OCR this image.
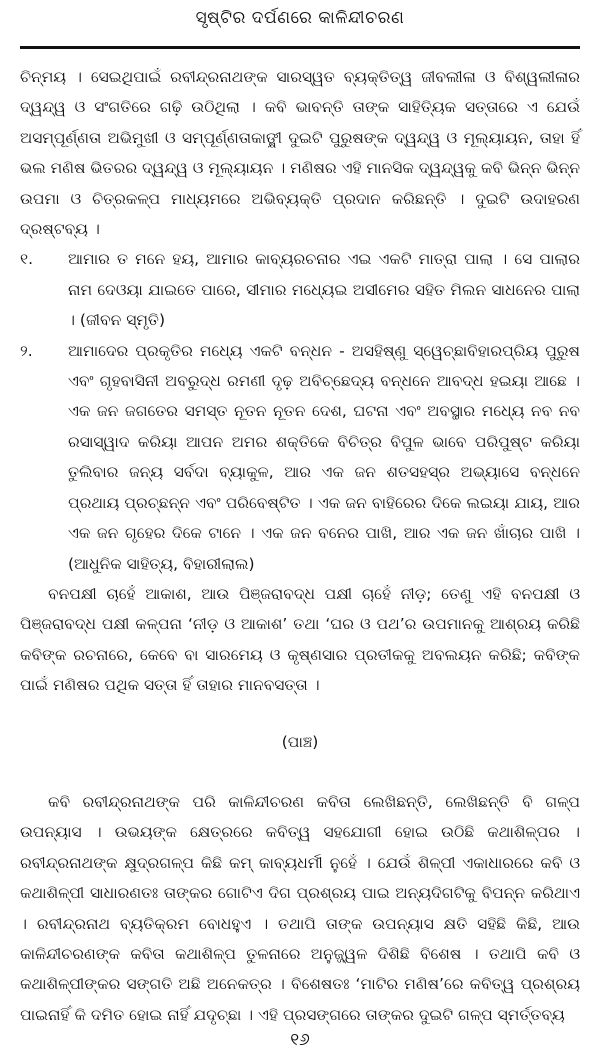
ସୃଷ୍ଟିର ଦର୍ପଣରେ କାଳିନ୍ଦୀଚରଣ

ଚିନ୍ମୟ । ସେଇଥିପାଇଁ ରବୀନ୍ଦ୍ରନାଥଙ୍କ ସାରସ୍ୱତ ବ୍ୟକ୍ତିତ୍ୱ ଜୀବଲୀଳା ଓ ବିଶ୍ୱଲୀଳାର ଦ୍ୱନ୍ଦ୍ୱ ଓ ସଂଗତିରେ ଗଢ଼ି ଉଠିଥିଲା । କବି ଭାବନ୍ତି ତାଙ୍କ ସାହିତ୍ୟିକ ସତ୍ତାରେ ଏ ଯେଉଁ ଅସମ୍ପୂର୍ଣ୍ଣତା ଅଭିମୁଖୀ ଓ ସମ୍ପୂର୍ଣ୍ଣତାକାଙ୍କ୍ଷୀ ଦୁଇଟି ପୁରୁଷଙ୍କ ଦ୍ୱନ୍ଦ୍ୱ ଓ ମୂଲ୍ୟାୟନ, ତାହା ହିଁ ଭଲ ମଣିଷ ଭିତରର ଦ୍ୱନ୍ଦ୍ୱ ଓ ମୂଲ୍ୟାୟନ । ମଣିଷର ଏହି ମାନସିକ ଦ୍ୱନ୍ଦ୍ୱକୁ କବି ଭିନ୍ନ ଭିନ୍ନ ଉପମା ଓ ଚିତ୍ରକଳ୍ପ ମାଧ୍ୟମରେ ଅଭିବ୍ୟକ୍ତି ପ୍ରଦାନ କରିଛନ୍ତି । ଦୁଇଟି ଉଦାହରଣ ଦ୍ରଷ୍ଟବ୍ୟ ।

୧.	ଆମାର ତ ମନେ ହୟ, ଆମାର କାବ୍ୟରଚନାର ଏଇ ଏକଟି ମାତ୍ରା ପାଲା । ସେ ପାଲାର ନାମ ଦେଓୟା ଯାଇତେ ପାରେ, ସୀମାର ମଧ୍ୟେଇ ଅସୀମେର ସହିତ ମିଲନ ସାଧନେର ପାଲା । (ଜୀବନ ସ୍ମୃତି)
୨.	ଆମାଦେର ପ୍ରକୃତିର ମଧ୍ୟେ ଏକଟି ବନ୍ଧନ - ଅସହିଷ୍ଣୁ ସ୍ୱେଚ୍ଛାବିହାରପ୍ରିୟ ପୁରୁଷ ଏବଂ ଗୃହବାସିନୀ ଅବରୁଦ୍ଧ ରମଣୀ ଦୃଢ଼ ଅବିଚ୍ଛେଦ୍ୟ ବନ୍ଧନେ ଆବଦ୍ଧ ହଇୟା ଆଛେ । ଏକ ଜନ ଜଗତେର ସମସ୍ତ ନୂତନ ନୂତନ ଦେଶ, ଘଟନା ଏବଂ ଅବସ୍ଥାର ମଧ୍ୟେ ନବ ନବ ରସାସ୍ୱାଦ କରିୟା ଆପନ ଅମର ଶକ୍ତିକେ ବିଚିତ୍ର ବିପୁଳ ଭାବେ ପରିପୁଷ୍ଟ କରିୟା ତୁଲିବାର ଜନ୍ୟ ସର୍ବଦା ବ୍ୟାକୁଳ, ଆର ଏକ ଜନ ଶତସହସ୍ର ଅଭ୍ୟାସେ ବନ୍ଧନେ ପ୍ରଥାୟ ପ୍ରଚ୍ଛନ୍ନ ଏବଂ ପରିବେଷ୍ଟିତ । ଏକ ଜନ ବାହିରେର ଦିକେ ଲଇୟା ଯାୟ, ଆର ଏକ ଜନ ଗୃହେର ଦିକେ ଟାନେ । ଏକ ଜନ ବନେର ପାଖି, ଆର ଏକ ଜନ ଖାଁଚାର ପାଖି । (ଆଧୁନିକ ସାହିତ୍ୟ, ବିହାରୀଲାଲ)

ବନପକ୍ଷୀ ଚାହେଁ ଆକାଶ, ଆଉ ପିଞ୍ଜରାବଦ୍ଧ ପକ୍ଷୀ ଚାହେଁ ନୀଡ଼; ତେଣୁ ଏହି ବନପକ୍ଷୀ ଓ ପିଞ୍ଜରାବଦ୍ଧ ପକ୍ଷୀ କଳ୍ପନା ‘ନୀଡ଼ ଓ ଆକାଶ’ ତଥା ‘ଘର ଓ ପଥ’ର ଉପମାନକୁ ଆଶ୍ରୟ କରିଛି କବିଙ୍କ ରଚନାରେ, କେବେ ବା ସାରମେୟ ଓ କୃଷ୍ଣସାର ପ୍ରତୀକକୁ ଅବଲୟନ କରିଛି; କବିଙ୍କ ପାଇଁ ମଣିଷର ପଥିକ ସତ୍ତା ହିଁ ତାହାର ମାନବସତ୍ତା ।

(ପାଞ୍ଚ)

କବି ରବୀନ୍ଦ୍ରନାଥଙ୍କ ପରି କାଳିନ୍ଦୀଚରଣ କବିତା ଲେଖିଛନ୍ତି, ଲେଖିଛନ୍ତି ବି ଗଳ୍ପ ଉପନ୍ୟାସ । ଉଭୟଙ୍କ କ୍ଷେତ୍ରରେ କବିତ୍ୱ ସହଯୋଗୀ ହୋଇ ଉଠିଛି କଥାଶିଳ୍ପର । ରବୀନ୍ଦ୍ରନାଥଙ୍କ କ୍ଷୁଦ୍ରଗଳ୍ପ କିଛି କମ୍ କାବ୍ୟଧର୍ମୀ ନୁହେଁ । ଯେଉଁ ଶିଳ୍ପୀ ଏକାଧାରରେ କବି ଓ କଥାଶିଳ୍ପୀ ସାଧାରଣତଃ ତାଙ୍କର ଗୋଟିଏ ଦିଗ ପ୍ରଶ୍ରୟ ପାଇ ଅନ୍ୟଦିଗଟିକୁ ବିପନ୍ନ କରିଥାଏ । ରବୀନ୍ଦ୍ରନାଥ ବ୍ୟତିକ୍ରମ ବୋଧହୁଏ । ତଥାପି ତାଙ୍କ ଉପନ୍ୟାସ କ୍ଷତି ସହିଛି କିଛି, ଆଉ କାଳିନ୍ଦୀଚରଣଙ୍କ କବିତା କଥାଶିଳ୍ପ ତୁଳନାରେ ଅନୁଜ୍ଜ୍ୱଳ ଦିଶିଛି ବିଶେଷ । ତଥାପି କବି ଓ କଥାଶିଳ୍ପୀଙ୍କର ସଙ୍ଗତି ଅଛି ଅନେକତ୍ର । ବିଶେଷତଃ ‘ମାଟିର ମଣିଷ’ରେ କବିତ୍ୱ ପ୍ରଶ୍ରୟ ପାଇନାହିଁ କି ଦମିତ ହୋଇ ନାହିଁ ଯଦୃଚ୍ଛା । ଏହି ପ୍ରସଙ୍ଗରେ ତାଙ୍କର ଦୁଇଟି ଗଳ୍ପ ସ୍ମର୍ତ୍ତବ୍ୟ

୧୬
